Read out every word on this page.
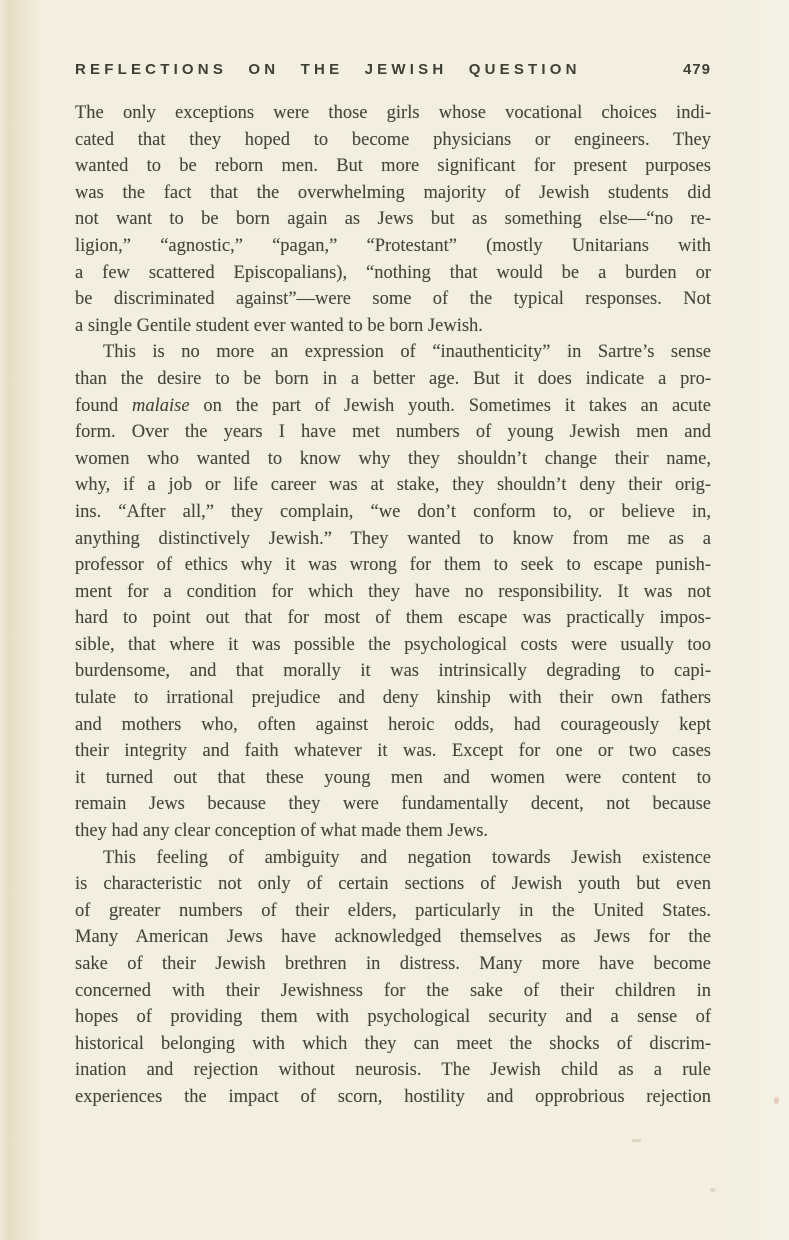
REFLECTIONS ON THE JEWISH QUESTION	479
The only exceptions were those girls whose vocational choices indi-
cated that they hoped to become physicians or engineers. They
wanted to be reborn men. But more significant for present purposes
was the fact that the overwhelming majority of Jewish students did
not want to be born again as Jews but as something else—“no re-
ligion,” “agnostic,” “pagan,” “Protestant” (mostly Unitarians with
a few scattered Episcopalians), “nothing that would be a burden or
be discriminated against”—were some of the typical responses. Not
a single Gentile student ever wanted to be born Jewish.
This is no more an expression of “inauthenticity” in Sartre’s sense
than the desire to be born in a better age. But it does indicate a pro-
found malaise on the part of Jewish youth. Sometimes it takes an acute
form. Over the years I have met numbers of young Jewish men and
women who wanted to know why they shouldn’t change their name,
why, if a job or life career was at stake, they shouldn’t deny their orig-
ins. “After all,” they complain, “we don’t conform to, or believe in,
anything distinctively Jewish.” They wanted to know from me as a
professor of ethics why it was wrong for them to seek to escape punish-
ment for a condition for which they have no responsibility. It was not
hard to point out that for most of them escape was practically impos-
sible, that where it was possible the psychological costs were usually too
burdensome, and that morally it was intrinsically degrading to capi-
tulate to irrational prejudice and deny kinship with their own fathers
and mothers who, often against heroic odds, had courageously kept
their integrity and faith whatever it was. Except for one or two cases
it turned out that these young men and women were content to
remain Jews because they were fundamentally decent, not because
they had any clear conception of what made them Jews.
This feeling of ambiguity and negation towards Jewish existence
is characteristic not only of certain sections of Jewish youth but even
of greater numbers of their elders, particularly in the United States.
Many American Jews have acknowledged themselves as Jews for the
sake of their Jewish brethren in distress. Many more have become
concerned with their Jewishness for the sake of their children in
hopes of providing them with psychological security and a sense of
historical belonging with which they can meet the shocks of discrim-
ination and rejection without neurosis. The Jewish child as a rule
experiences the impact of scorn, hostility and opprobrious rejection
